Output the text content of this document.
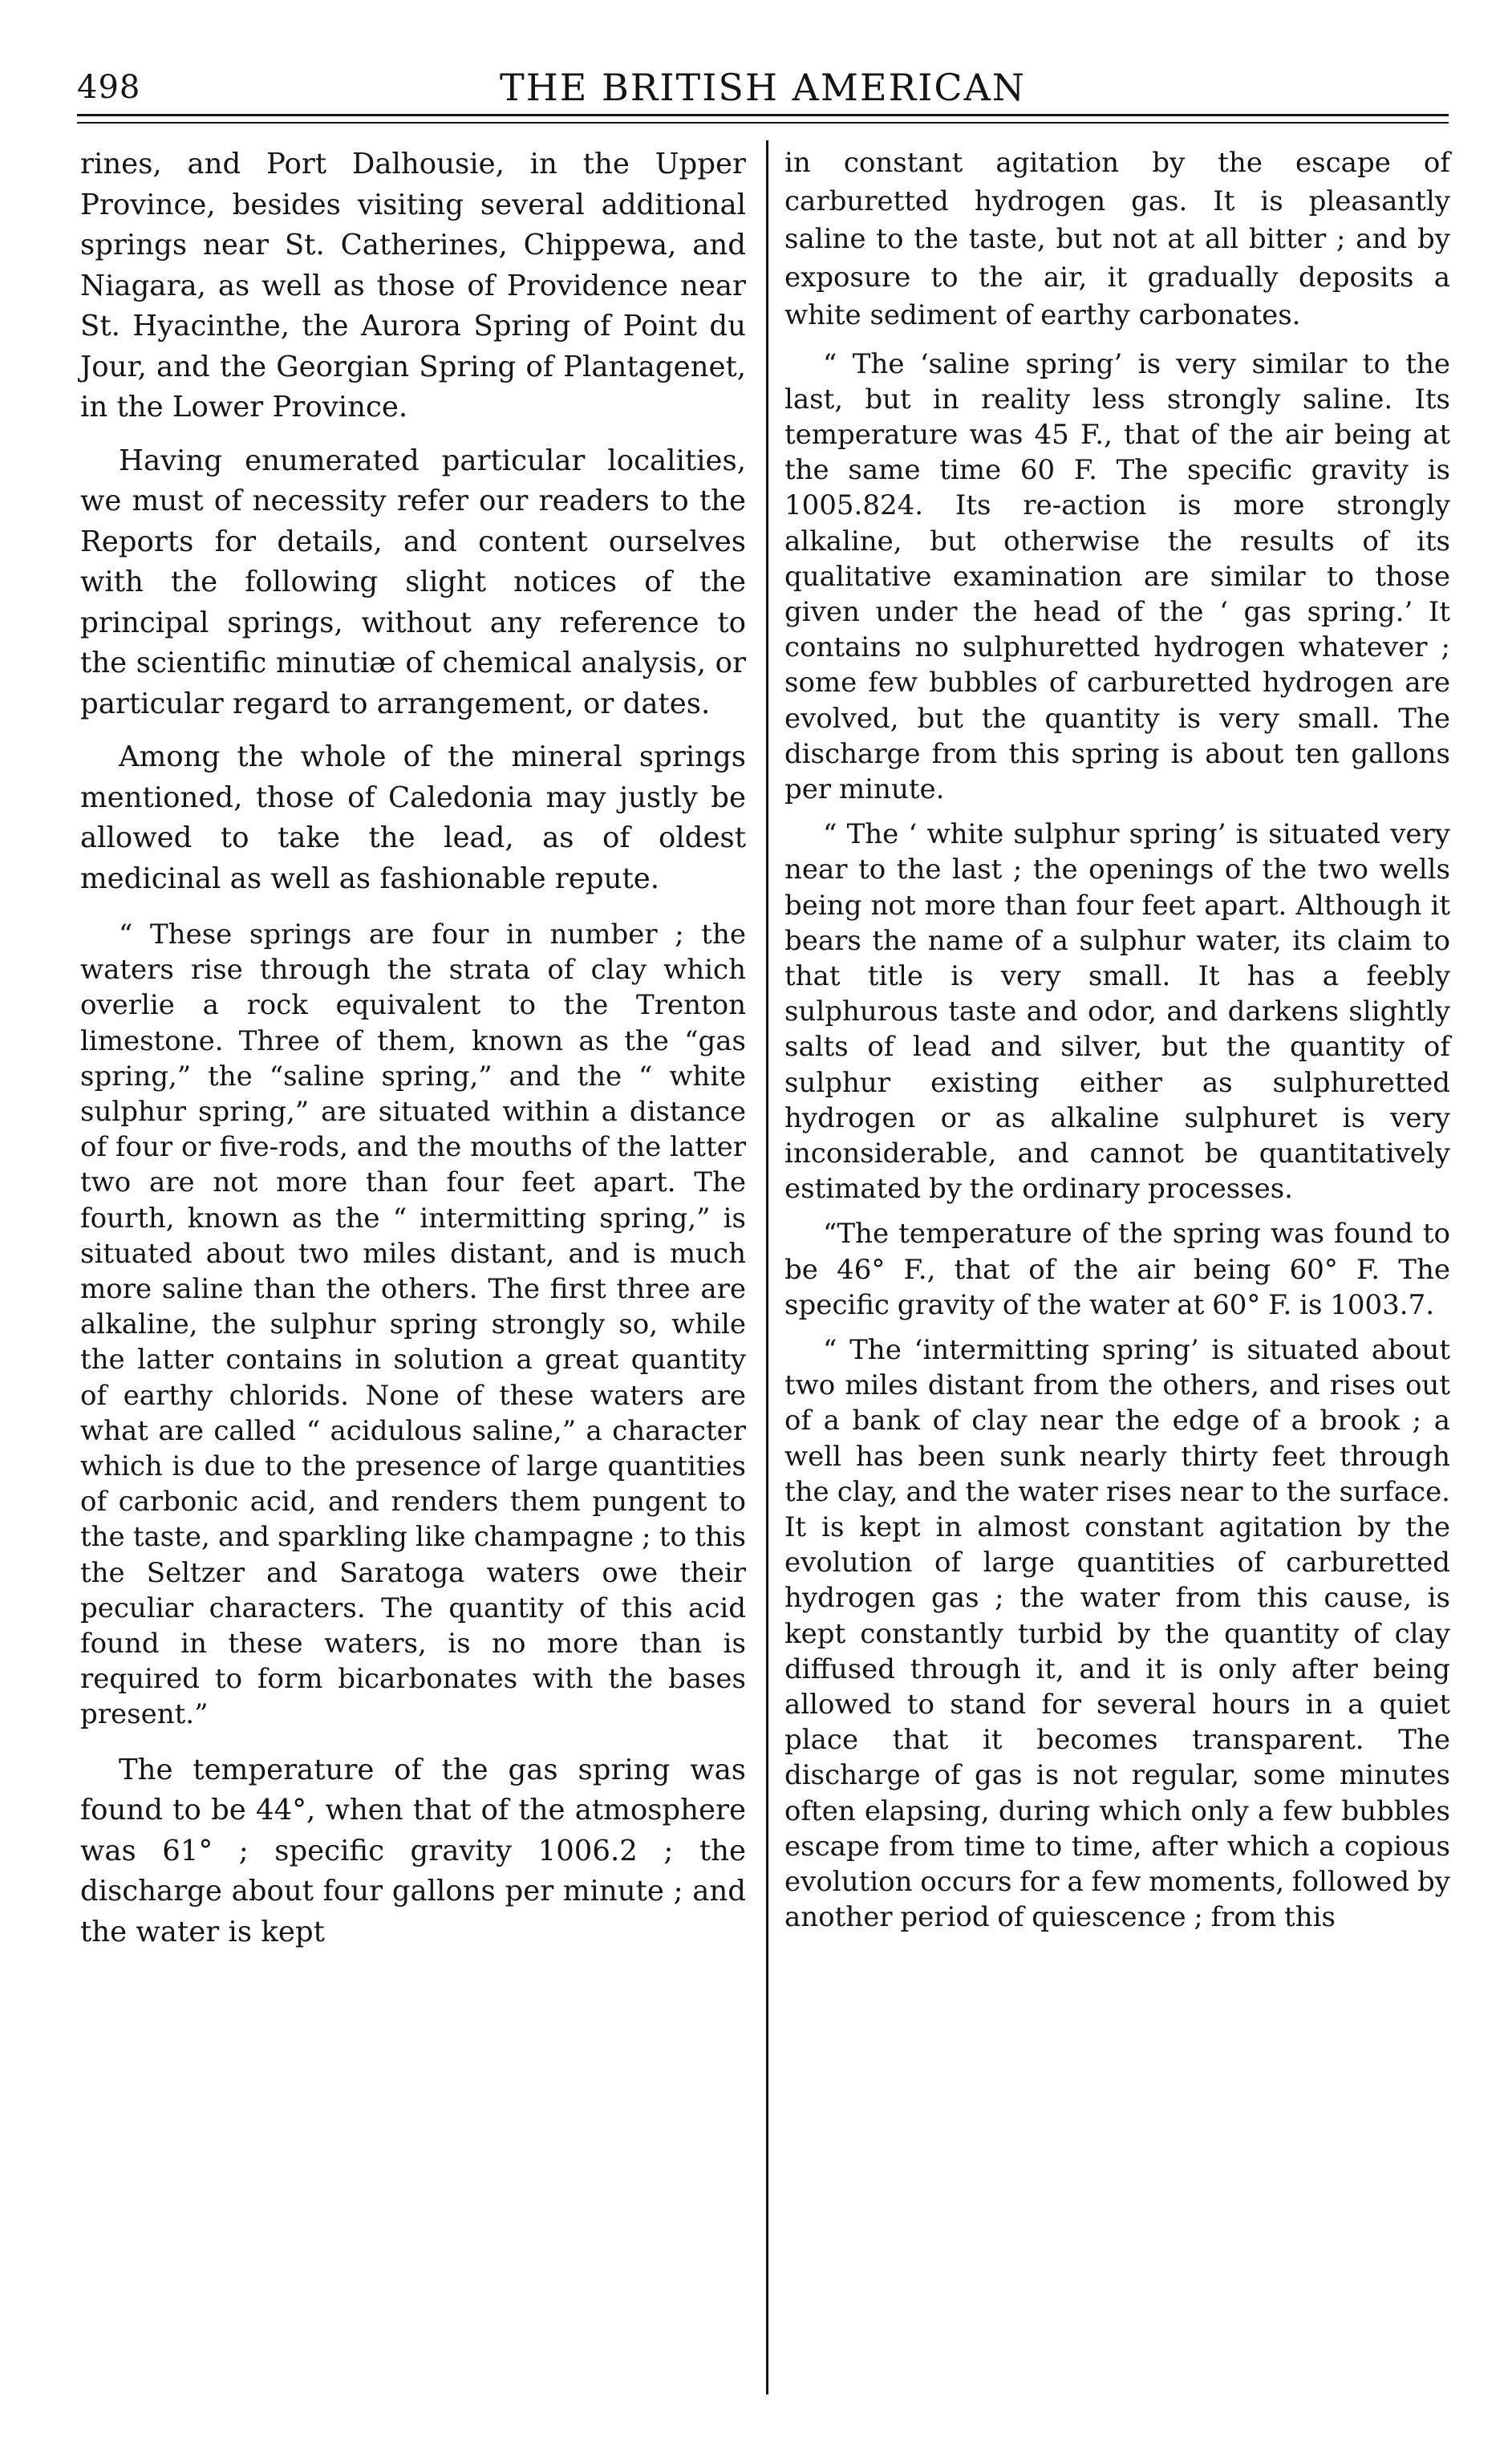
498	THE BRITISH AMERICAN

rines, and Port Dalhousie, in the Upper Province, besides visiting several additional springs near St. Catherines, Chippewa, and Niagara, as well as those of Providence near St. Hyacinthe, the Aurora Spring of Point du Jour, and the Georgian Spring of Plantagenet, in the Lower Province.

Having enumerated particular localities, we must of necessity refer our readers to the Reports for details, and content ourselves with the following slight notices of the principal springs, without any reference to the scientific minutiæ of chemical analysis, or particular regard to arrangement, or dates.

Among the whole of the mineral springs mentioned, those of Caledonia may justly be allowed to take the lead, as of oldest medicinal as well as fashionable repute.

“ These springs are four in number ; the waters rise through the strata of clay which overlie a rock equivalent to the Trenton limestone. Three of them, known as the “gas spring,” the “saline spring,” and the “ white sulphur spring,” are situated within a distance of four or five-rods, and the mouths of the latter two are not more than four feet apart. The fourth, known as the “ intermitting spring,” is situated about two miles distant, and is much more saline than the others. The first three are alkaline, the sulphur spring strongly so, while the latter contains in solution a great quantity of earthy chlorids. None of these waters are what are called “ acidulous saline,” a character which is due to the presence of large quantities of carbonic acid, and renders them pungent to the taste, and sparkling like champagne ; to this the Seltzer and Saratoga waters owe their peculiar characters. The quantity of this acid found in these waters, is no more than is required to form bicarbonates with the bases present.”

The temperature of the gas spring was found to be 44°, when that of the atmosphere was 61° ; specific gravity 1006.2 ; the discharge about four gallons per minute ; and the water is kept

in constant agitation by the escape of carburetted hydrogen gas. It is pleasantly saline to the taste, but not at all bitter ; and by exposure to the air, it gradually deposits a white sediment of earthy carbonates.

“ The ‘saline spring’ is very similar to the last, but in reality less strongly saline. Its temperature was 45 F., that of the air being at the same time 60 F. The specific gravity is 1005.824. Its re-action is more strongly alkaline, but otherwise the results of its qualitative examination are similar to those given under the head of the ‘ gas spring.’ It contains no sulphuretted hydrogen whatever ; some few bubbles of carburetted hydrogen are evolved, but the quantity is very small. The discharge from this spring is about ten gallons per minute.

“ The ‘ white sulphur spring’ is situated very near to the last ; the openings of the two wells being not more than four feet apart. Although it bears the name of a sulphur water, its claim to that title is very small. It has a feebly sulphurous taste and odor, and darkens slightly salts of lead and silver, but the quantity of sulphur existing either as sulphuretted hydrogen or as alkaline sulphuret is very inconsiderable, and cannot be quantitatively estimated by the ordinary processes.

“The temperature of the spring was found to be 46° F., that of the air being 60° F. The specific gravity of the water at 60° F. is 1003.7.

“ The ‘intermitting spring’ is situated about two miles distant from the others, and rises out of a bank of clay near the edge of a brook ; a well has been sunk nearly thirty feet through the clay, and the water rises near to the surface. It is kept in almost constant agitation by the evolution of large quantities of carburetted hydrogen gas ; the water from this cause, is kept constantly turbid by the quantity of clay diffused through it, and it is only after being allowed to stand for several hours in a quiet place that it becomes transparent. The discharge of gas is not regular, some minutes often elapsing, during which only a few bubbles escape from time to time, after which a copious evolution occurs for a few moments, followed by another period of quiescence ; from this
